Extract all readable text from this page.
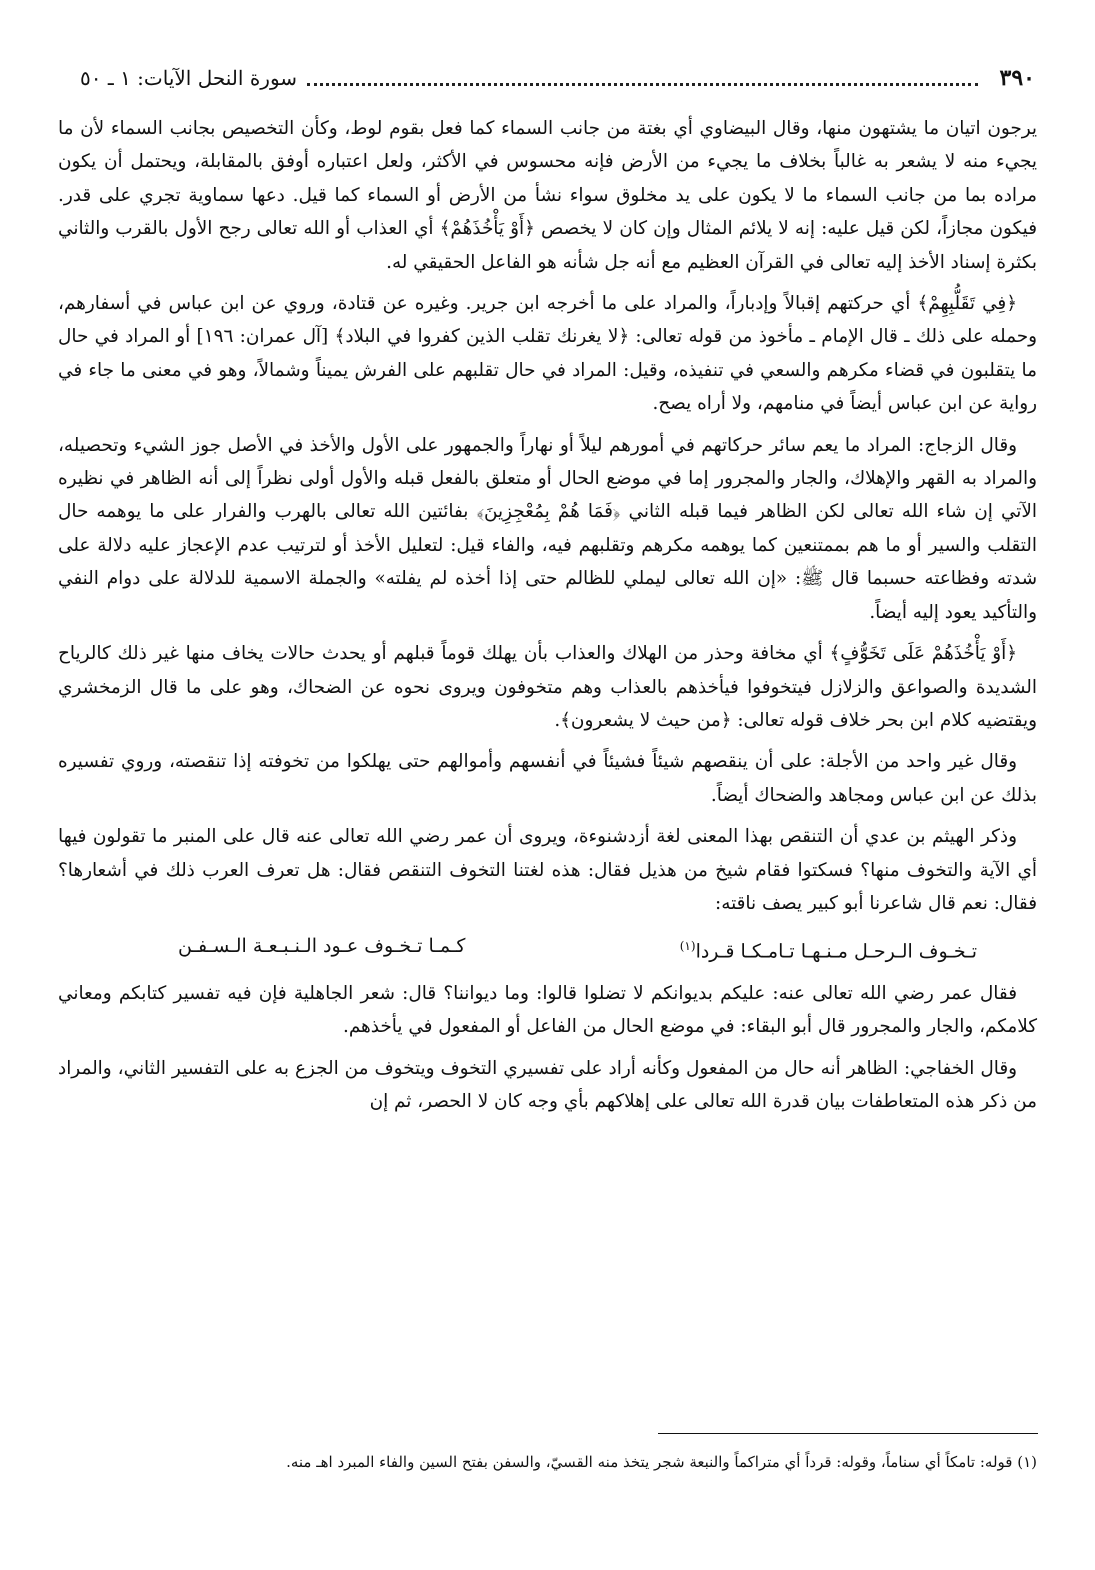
٣٩٠
سورة النحل الآيات: ١ ـ ٥٠

يرجون اتيان ما يشتهون منها، وقال البيضاوي أي بغتة من جانب السماء كما فعل بقوم لوط، وكأن التخصيص بجانب السماء لأن ما يجيء منه لا يشعر به غالباً بخلاف ما يجيء من الأرض فإنه محسوس في الأكثر، ولعل اعتباره أوفق بالمقابلة، ويحتمل أن يكون مراده بما من جانب السماء ما لا يكون على يد مخلوق سواء نشأ من الأرض أو السماء كما قيل. دعها سماوية تجري على قدر. فيكون مجازاً، لكن قيل عليه: إنه لا يلائم المثال وإن كان لا يخصص ﴿أَوْ يَأْخُذَهُمْ﴾ أي العذاب أو الله تعالى رجح الأول بالقرب والثاني بكثرة إسناد الأخذ إليه تعالى في القرآن العظيم مع أنه جل شأنه هو الفاعل الحقيقي له.

﴿فِي تَقَلُّبِهِمْ﴾ أي حركتهم إقبالاً وإدباراً، والمراد على ما أخرجه ابن جرير. وغيره عن قتادة، وروي عن ابن عباس في أسفارهم، وحمله على ذلك ـ قال الإمام ـ مأخوذ من قوله تعالى: ﴿لا يغرنك تقلب الذين كفروا في البلاد﴾ [آل عمران: ١٩٦] أو المراد في حال ما يتقلبون في قضاء مكرهم والسعي في تنفيذه، وقيل: المراد في حال تقلبهم على الفرش يميناً وشمالاً، وهو في معنى ما جاء في رواية عن ابن عباس أيضاً في منامهم، ولا أراه يصح.

وقال الزجاج: المراد ما يعم سائر حركاتهم في أمورهم ليلاً أو نهاراً والجمهور على الأول والأخذ في الأصل جوز الشيء وتحصيله، والمراد به القهر والإهلاك، والجار والمجرور إما في موضع الحال أو متعلق بالفعل قبله والأول أولى نظراً إلى أنه الظاهر في نظيره الآتي إن شاء الله تعالى لكن الظاهر فيما قبله الثاني ﴿فَمَا هُمْ بِمُعْجِزِينَ﴾ بفائتين الله تعالى بالهرب والفرار على ما يوهمه حال التقلب والسير أو ما هم بممتنعين كما يوهمه مكرهم وتقلبهم فيه، والفاء قيل: لتعليل الأخذ أو لترتيب عدم الإعجاز عليه دلالة على شدته وفظاعته حسبما قال ﷺ: «إن الله تعالى ليملي للظالم حتى إذا أخذه لم يفلته» والجملة الاسمية للدلالة على دوام النفي والتأكيد يعود إليه أيضاً.

﴿أَوْ يَأْخُذَهُمْ عَلَى تَخَوُّفٍ﴾ أي مخافة وحذر من الهلاك والعذاب بأن يهلك قوماً قبلهم أو يحدث حالات يخاف منها غير ذلك كالرياح الشديدة والصواعق والزلازل فيتخوفوا فيأخذهم بالعذاب وهم متخوفون ويروى نحوه عن الضحاك، وهو على ما قال الزمخشري ويقتضيه كلام ابن بحر خلاف قوله تعالى: ﴿من حيث لا يشعرون﴾.

وقال غير واحد من الأجلة: على أن ينقصهم شيئاً فشيئاً في أنفسهم وأموالهم حتى يهلكوا من تخوفته إذا تنقصته، وروي تفسيره بذلك عن ابن عباس ومجاهد والضحاك أيضاً.

وذكر الهيثم بن عدي أن التنقص بهذا المعنى لغة أزدشنوءة، ويروى أن عمر رضي الله تعالى عنه قال على المنبر ما تقولون فيها أي الآية والتخوف منها؟ فسكتوا فقام شيخ من هذيل فقال: هذه لغتنا التخوف التنقص فقال: هل تعرف العرب ذلك في أشعارها؟ فقال: نعم قال شاعرنا أبو كبير يصف ناقته:

تـخـوف الـرحـل مـنـهـا تـامـكـا قـردا$^{(١)}$
كـمـا تـخـوف عـود الـنـبـعـة الـسـفـن

فقال عمر رضي الله تعالى عنه: عليكم بديوانكم لا تضلوا قالوا: وما ديواننا؟ قال: شعر الجاهلية فإن فيه تفسير كتابكم ومعاني كلامكم، والجار والمجرور قال أبو البقاء: في موضع الحال من الفاعل أو المفعول في يأخذهم.

وقال الخفاجي: الظاهر أنه حال من المفعول وكأنه أراد على تفسيري التخوف ويتخوف من الجزع به على التفسير الثاني، والمراد من ذكر هذه المتعاطفات بيان قدرة الله تعالى على إهلاكهم بأي وجه كان لا الحصر، ثم إن

(١) قوله: تامكاً أي سناماً، وقوله: قرداً أي متراكماً والنبعة شجر يتخذ منه القسيّ، والسفن بفتح السين والفاء المبرد اهـ منه.
